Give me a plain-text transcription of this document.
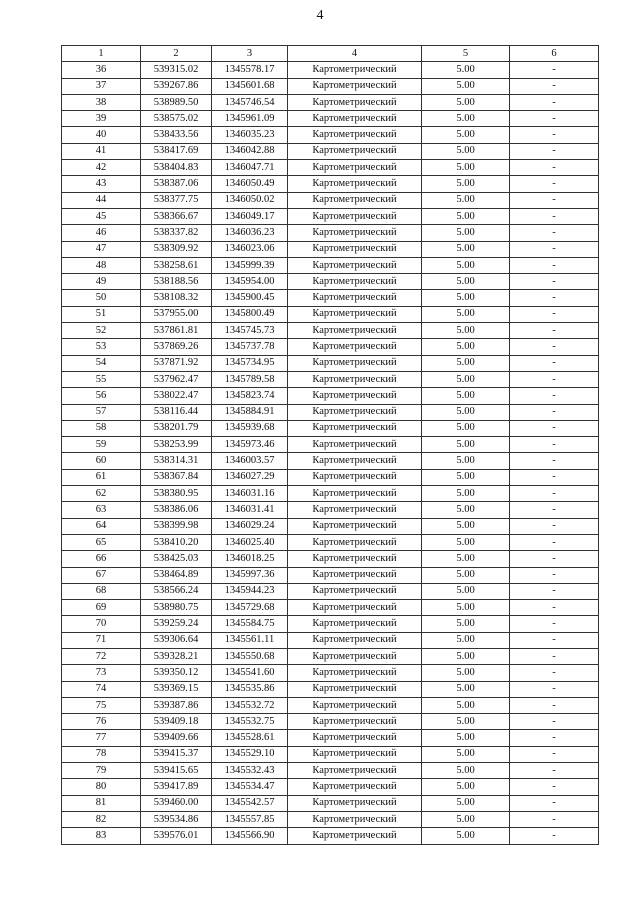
4
1	2	3	4	5	6
36	539315.02	1345578.17	Картометрический	5.00	-
37	539267.86	1345601.68	Картометрический	5.00	-
38	538989.50	1345746.54	Картометрический	5.00	-
39	538575.02	1345961.09	Картометрический	5.00	-
40	538433.56	1346035.23	Картометрический	5.00	-
41	538417.69	1346042.88	Картометрический	5.00	-
42	538404.83	1346047.71	Картометрический	5.00	-
43	538387.06	1346050.49	Картометрический	5.00	-
44	538377.75	1346050.02	Картометрический	5.00	-
45	538366.67	1346049.17	Картометрический	5.00	-
46	538337.82	1346036.23	Картометрический	5.00	-
47	538309.92	1346023.06	Картометрический	5.00	-
48	538258.61	1345999.39	Картометрический	5.00	-
49	538188.56	1345954.00	Картометрический	5.00	-
50	538108.32	1345900.45	Картометрический	5.00	-
51	537955.00	1345800.49	Картометрический	5.00	-
52	537861.81	1345745.73	Картометрический	5.00	-
53	537869.26	1345737.78	Картометрический	5.00	-
54	537871.92	1345734.95	Картометрический	5.00	-
55	537962.47	1345789.58	Картометрический	5.00	-
56	538022.47	1345823.74	Картометрический	5.00	-
57	538116.44	1345884.91	Картометрический	5.00	-
58	538201.79	1345939.68	Картометрический	5.00	-
59	538253.99	1345973.46	Картометрический	5.00	-
60	538314.31	1346003.57	Картометрический	5.00	-
61	538367.84	1346027.29	Картометрический	5.00	-
62	538380.95	1346031.16	Картометрический	5.00	-
63	538386.06	1346031.41	Картометрический	5.00	-
64	538399.98	1346029.24	Картометрический	5.00	-
65	538410.20	1346025.40	Картометрический	5.00	-
66	538425.03	1346018.25	Картометрический	5.00	-
67	538464.89	1345997.36	Картометрический	5.00	-
68	538566.24	1345944.23	Картометрический	5.00	-
69	538980.75	1345729.68	Картометрический	5.00	-
70	539259.24	1345584.75	Картометрический	5.00	-
71	539306.64	1345561.11	Картометрический	5.00	-
72	539328.21	1345550.68	Картометрический	5.00	-
73	539350.12	1345541.60	Картометрический	5.00	-
74	539369.15	1345535.86	Картометрический	5.00	-
75	539387.86	1345532.72	Картометрический	5.00	-
76	539409.18	1345532.75	Картометрический	5.00	-
77	539409.66	1345528.61	Картометрический	5.00	-
78	539415.37	1345529.10	Картометрический	5.00	-
79	539415.65	1345532.43	Картометрический	5.00	-
80	539417.89	1345534.47	Картометрический	5.00	-
81	539460.00	1345542.57	Картометрический	5.00	-
82	539534.86	1345557.85	Картометрический	5.00	-
83	539576.01	1345566.90	Картометрический	5.00	-
